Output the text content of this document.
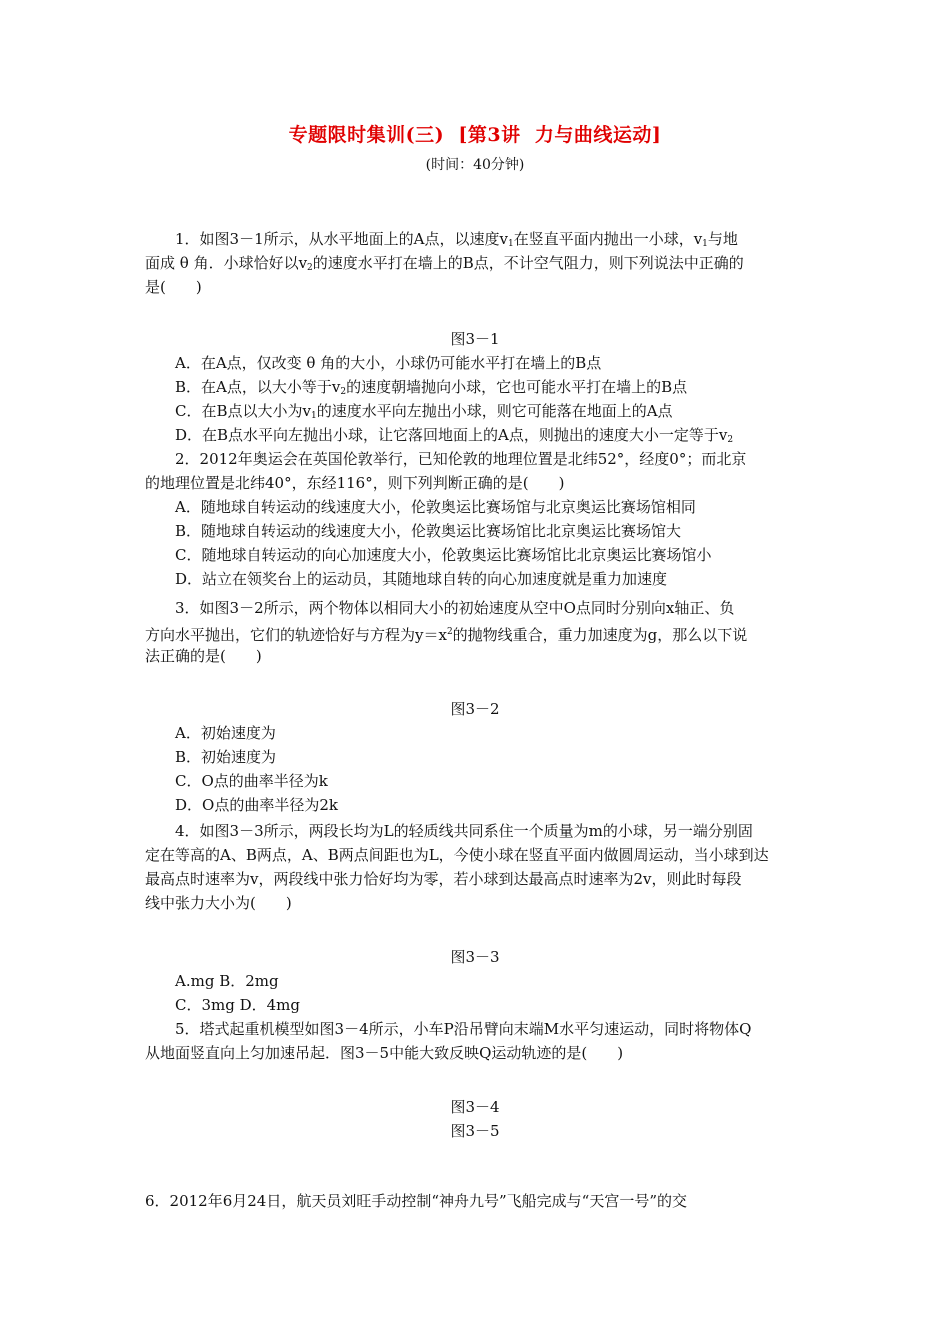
专题限时集训(三)  [第3讲  力与曲线运动]
(时间：40分钟)
1．如图3－1所示，从水平地面上的A点，以速度$v_1$在竖直平面内抛出一小球，$v_1$与地
面成 θ 角．小球恰好以$v_2$的速度水平打在墙上的B点，不计空气阻力，则下列说法中正确的
是(　　)
图3－1
A．在A点，仅改变 θ 角的大小，小球仍可能水平打在墙上的B点
B．在A点，以大小等于$v_2$的速度朝墙抛向小球，它也可能水平打在墙上的B点
C．在B点以大小为$v_1$的速度水平向左抛出小球，则它可能落在地面上的A点
D．在B点水平向左抛出小球，让它落回地面上的A点，则抛出的速度大小一定等于$v_2$
2．2012年奥运会在英国伦敦举行，已知伦敦的地理位置是北纬52°，经度0°；而北京
的地理位置是北纬40°，东经116°，则下列判断正确的是(　　)
A．随地球自转运动的线速度大小，伦敦奥运比赛场馆与北京奥运比赛场馆相同
B．随地球自转运动的线速度大小，伦敦奥运比赛场馆比北京奥运比赛场馆大
C．随地球自转运动的向心加速度大小，伦敦奥运比赛场馆比北京奥运比赛场馆小
D．站立在领奖台上的运动员，其随地球自转的向心加速度就是重力加速度
3．如图3－2所示，两个物体以相同大小的初始速度从空中O点同时分别向x轴正、负
方向水平抛出，它们的轨迹恰好与方程为$y=x^2$的抛物线重合，重力加速度为g，那么以下说
法正确的是(　　)
图3－2
A．初始速度为
B．初始速度为
C．O点的曲率半径为k
D．O点的曲率半径为2k
4．如图3－3所示，两段长均为L的轻质线共同系住一个质量为m的小球，另一端分别固
定在等高的A、B两点，A、B两点间距也为L，今使小球在竖直平面内做圆周运动，当小球到达
最高点时速率为v，两段线中张力恰好均为零，若小球到达最高点时速率为2v，则此时每段
线中张力大小为(　　)
图3－3
A.mg B．2mg
C．3mg D．4mg
5．塔式起重机模型如图3－4所示，小车P沿吊臂向末端M水平匀速运动，同时将物体Q
从地面竖直向上匀加速吊起．图3－5中能大致反映Q运动轨迹的是(　　)
图3－4
图3－5
6．2012年6月24日，航天员刘旺手动控制“神舟九号”飞船完成与“天宫一号”的交
